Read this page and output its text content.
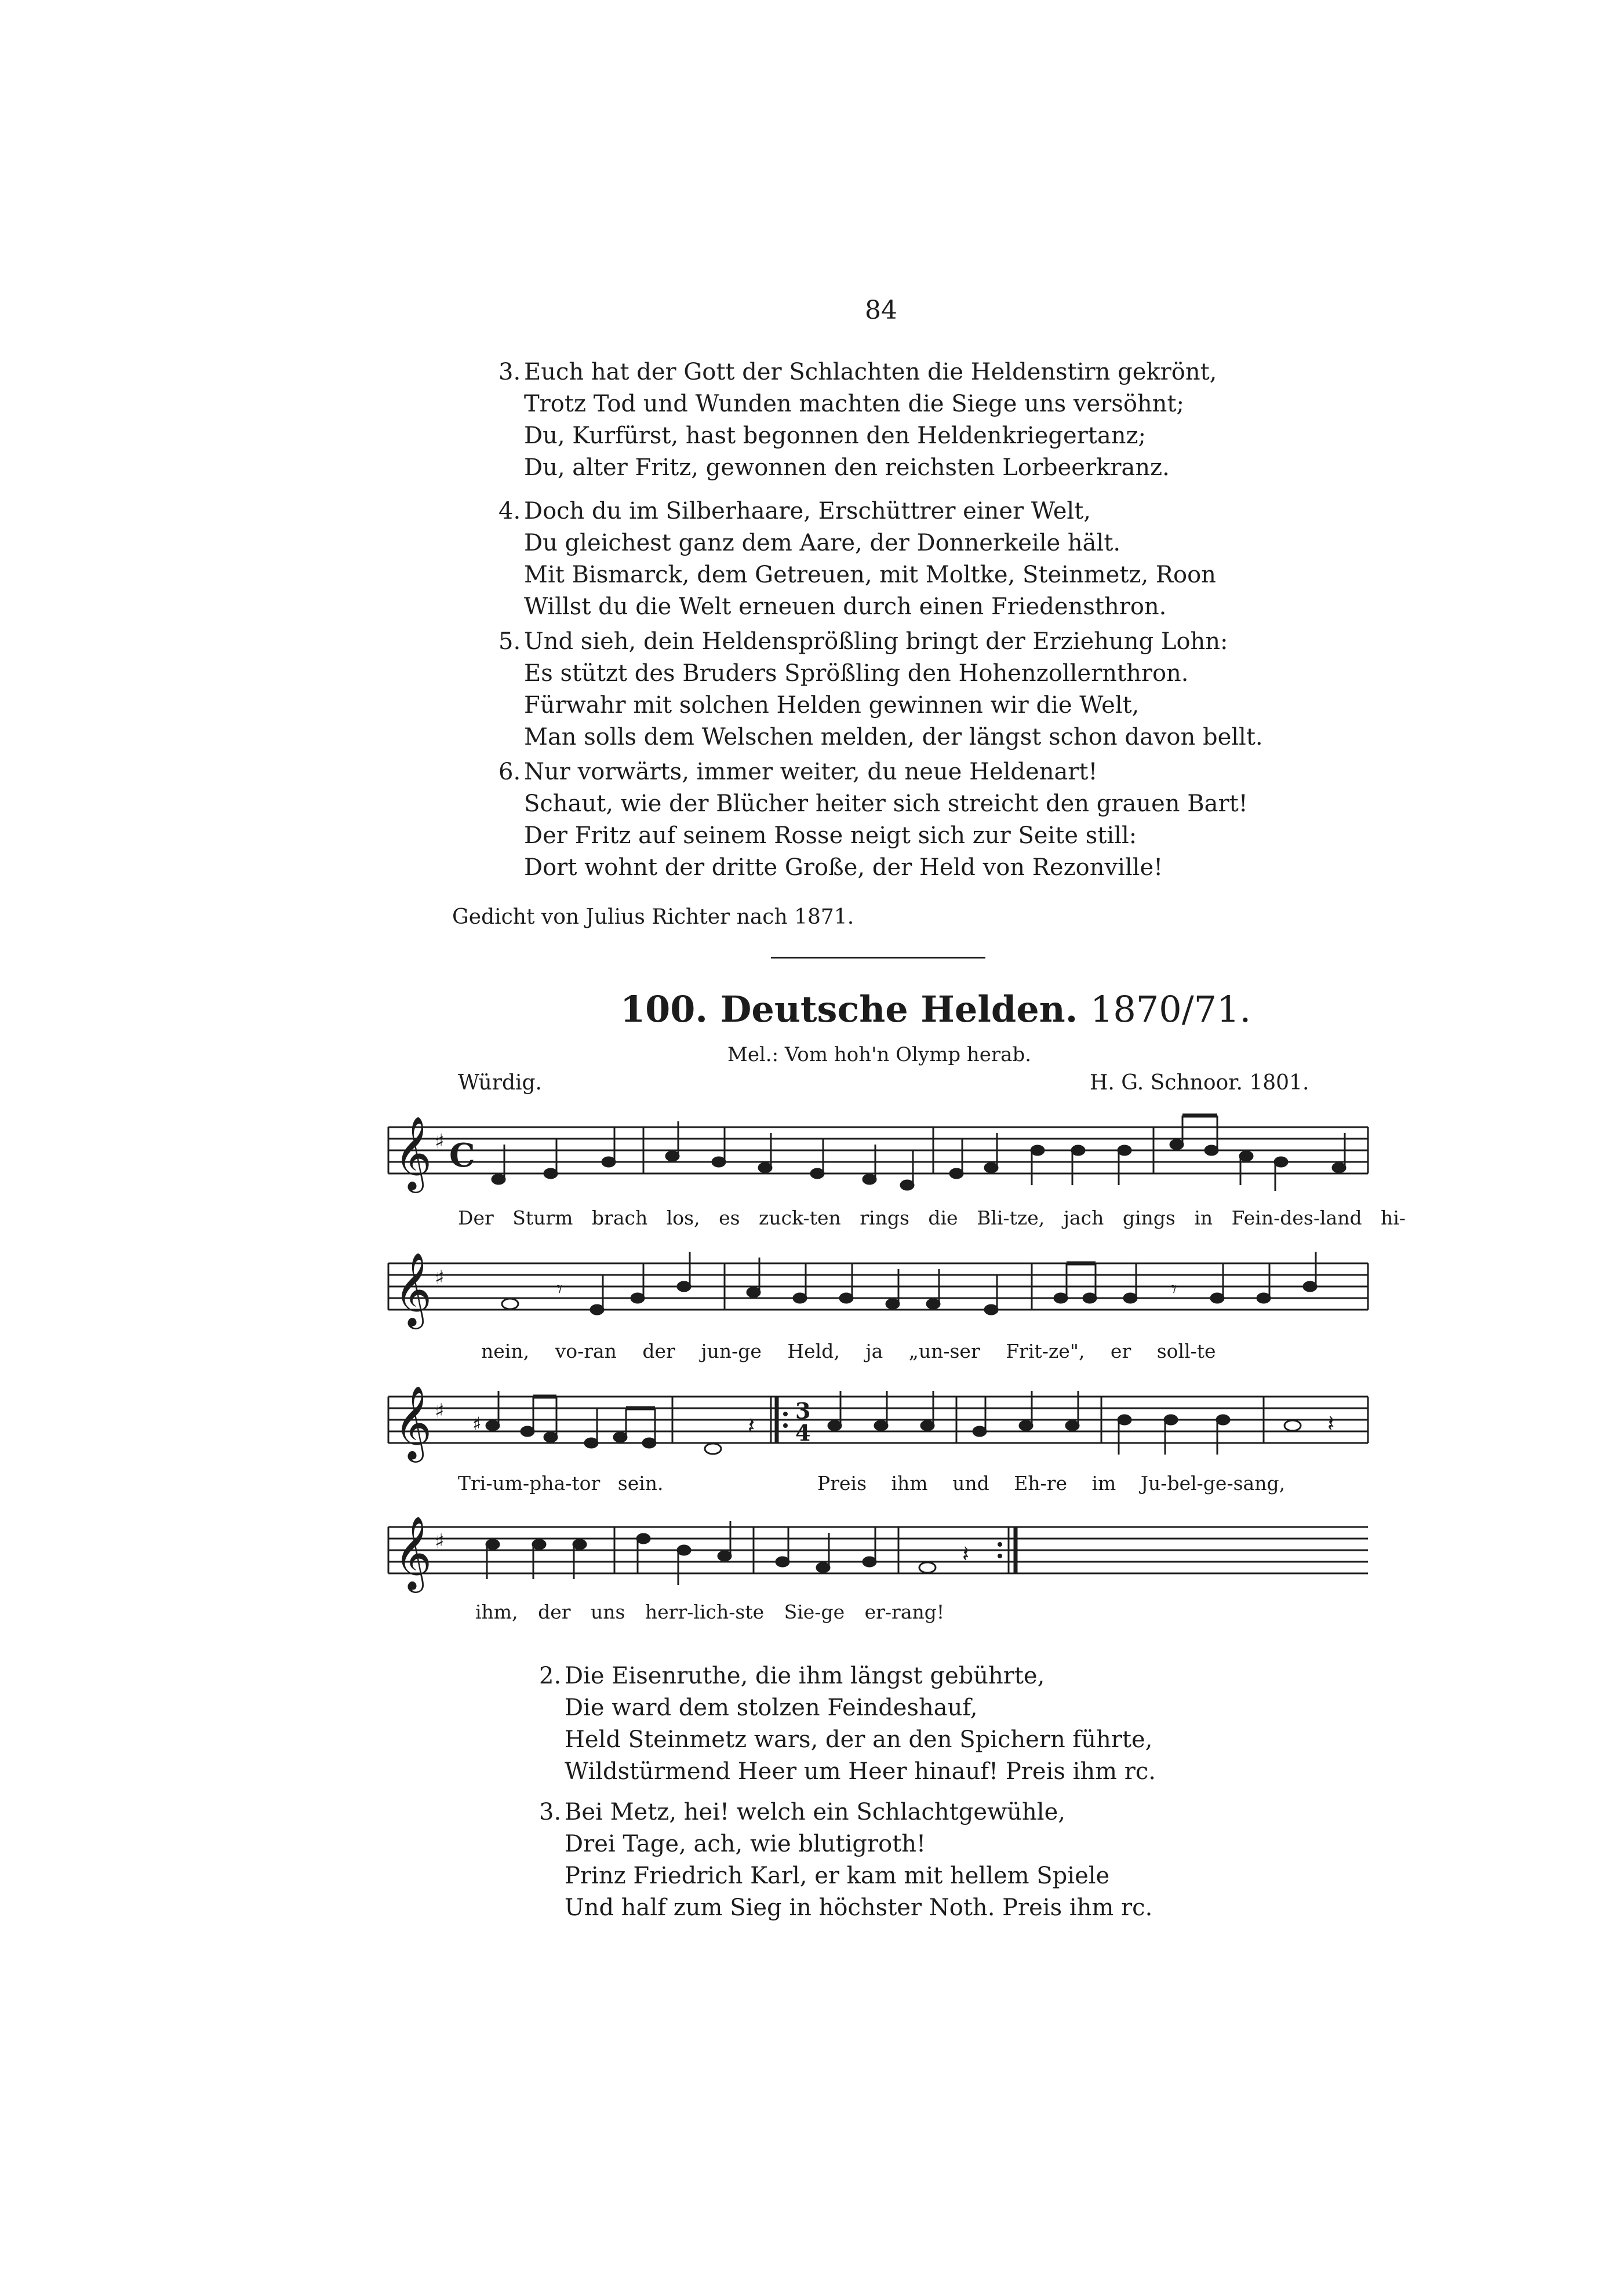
84
3. Euch hat der Gott der Schlachten die Heldenstirn gekrönt,
Trotz Tod und Wunden machten die Siege uns versöhnt;
Du, Kurfürst, hast begonnen den Heldenkriegertanz;
Du, alter Fritz, gewonnen den reichsten Lorbeerkranz.
4. Doch du im Silberhaare, Erschüttrer einer Welt,
Du gleichest ganz dem Aare, der Donnerkeile hält.
Mit Bismarck, dem Getreuen, mit Moltke, Steinmetz, Roon
Willst du die Welt erneuen durch einen Friedensthron.
5. Und sieh, dein Heldensprößling bringt der Erziehung Lohn:
Es stützt des Bruders Sprößling den Hohenzollernthron.
Fürwahr mit solchen Helden gewinnen wir die Welt,
Man solls dem Welschen melden, der längst schon davon bellt.
6. Nur vorwärts, immer weiter, du neue Heldenart!
Schaut, wie der Blücher heiter sich streicht den grauen Bart!
Der Fritz auf seinem Rosse neigt sich zur Seite still:
Dort wohnt der dritte Große, der Held von Rezonville!
Gedicht von Julius Richter nach 1871.
100. Deutsche Helden. 1870/71.
Mel.: Vom hoh'n Olymp herab.
Würdig.	H. G. Schnoor. 1801.
𝄞 ♯ C
Der Sturm brach los, es zuck-ten rings die Bli-tze, jach gings in Fein-des-land hi-
𝄞 ♯	𝄾	𝄾
nein, vo-ran der jun-ge Held, ja „un-ser Frit-ze", er soll-te
𝄞 ♯	3
4
♯	𝄽	𝄽
Tri-um-pha-tor sein.	Preis ihm und Eh-re im Ju-bel-ge-sang,
𝄞 ♯	𝄽
ihm, der uns herr-lich-ste Sie-ge er-rang!
2. Die Eisenruthe, die ihm längst gebührte,
Die ward dem stolzen Feindeshauf,
Held Steinmetz wars, der an den Spichern führte,
Wildstürmend Heer um Heer hinauf! Preis ihm rc.
3. Bei Metz, hei! welch ein Schlachtgewühle,
Drei Tage, ach, wie blutigroth!
Prinz Friedrich Karl, er kam mit hellem Spiele
Und half zum Sieg in höchster Noth. Preis ihm rc.
